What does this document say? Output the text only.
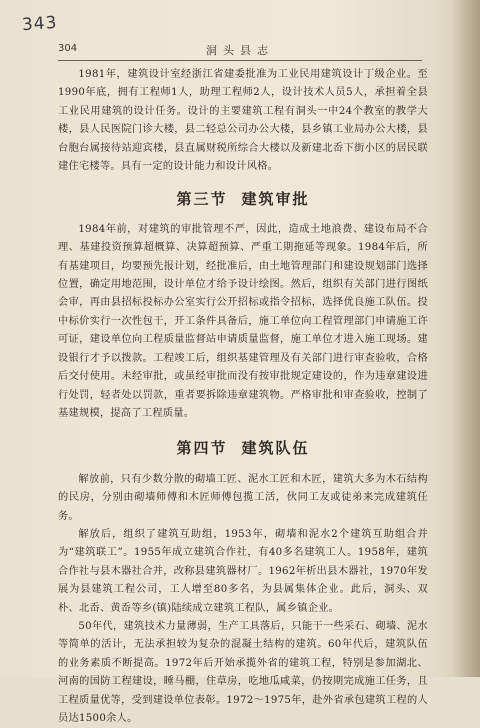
343
304	洞头县志

1981年，建筑设计室经浙江省建委批准为工业民用建筑设计丁级企业。至1990年底，拥有工程师1人，助理工程师2人，设计技术人员5人，承担着全县工业民用建筑的设计任务。设计的主要建筑工程有洞头一中24个教室的教学大楼，县人民医院门诊大楼，县二轻总公司办公大楼，县乡镇工业局办公大楼，县台胞台属接待站迎宾楼，县直属财税所综合大楼以及新建北岙下街小区的居民联建住宅楼等。具有一定的设计能力和设计风格。

第三节 建筑审批

1984年前，对建筑的审批管理不严，因此，造成土地浪费、建设布局不合理、基建投资预算超概算、决算超预算、严重工期拖延等现象。1984年后，所有基建项目，均要预先报计划，经批准后，由土地管理部门和建设规划部门选择位置，确定用地范围，设计单位才给予设计绘图。然后，组织有关部门进行图纸会审，再由县招标投标办公室实行公开招标或指令招标，选择优良施工队伍。投中标价实行一次性包干，开工条件具备后，施工单位向工程管理部门申请施工许可证，建设单位向工程质量监督站申请质量监督，施工单位才进入施工现场。建设银行才予以拨款。工程竣工后，组织基建管理及有关部门进行审查验收，合格后交付使用。未经审批，或虽经审批而没有按审批规定建设的，作为违章建设进行处罚，轻者处以罚款，重者要拆除违章建筑物。严格审批和审查验收，控制了基建规模，提高了工程质量。

第四节 建筑队伍

解放前，只有少数分散的砌墙工匠、泥水工匠和木匠，建筑大多为木石结构的民房，分别由砌墙师傅和木匠师傅包揽工活，伙同工友或徒弟来完成建筑任务。

解放后，组织了建筑互助组，1953年，砌墙和泥水2个建筑互助组合并为“建筑联工”。1955年成立建筑合作社，有40多名建筑工人。1958年，建筑合作社与县木器社合并，改称县建筑器材厂。1962年析出县木器社，1970年发展为县建筑工程公司，工人增至80多名，为县属集体企业。此后，洞头、双朴、北岙、黄岙等乡(镇)陆续成立建筑工程队，属乡镇企业。

50年代，建筑技术力量薄弱，生产工具落后，只能干一些采石、砌墙、泥水等简单的活计，无法承担较为复杂的混凝土结构的建筑。60年代后，建筑队伍的业务素质不断提高。1972年后开始承揽外省的建筑工程，特别是参加湖北、河南的国防工程建设，睡马棚，住草房，吃地瓜咸菜，仍按期完成施工任务，且工程质量优等，受到建设单位表彰。1972～1975年，赴外省承包建筑工程的人员达1500余人。
